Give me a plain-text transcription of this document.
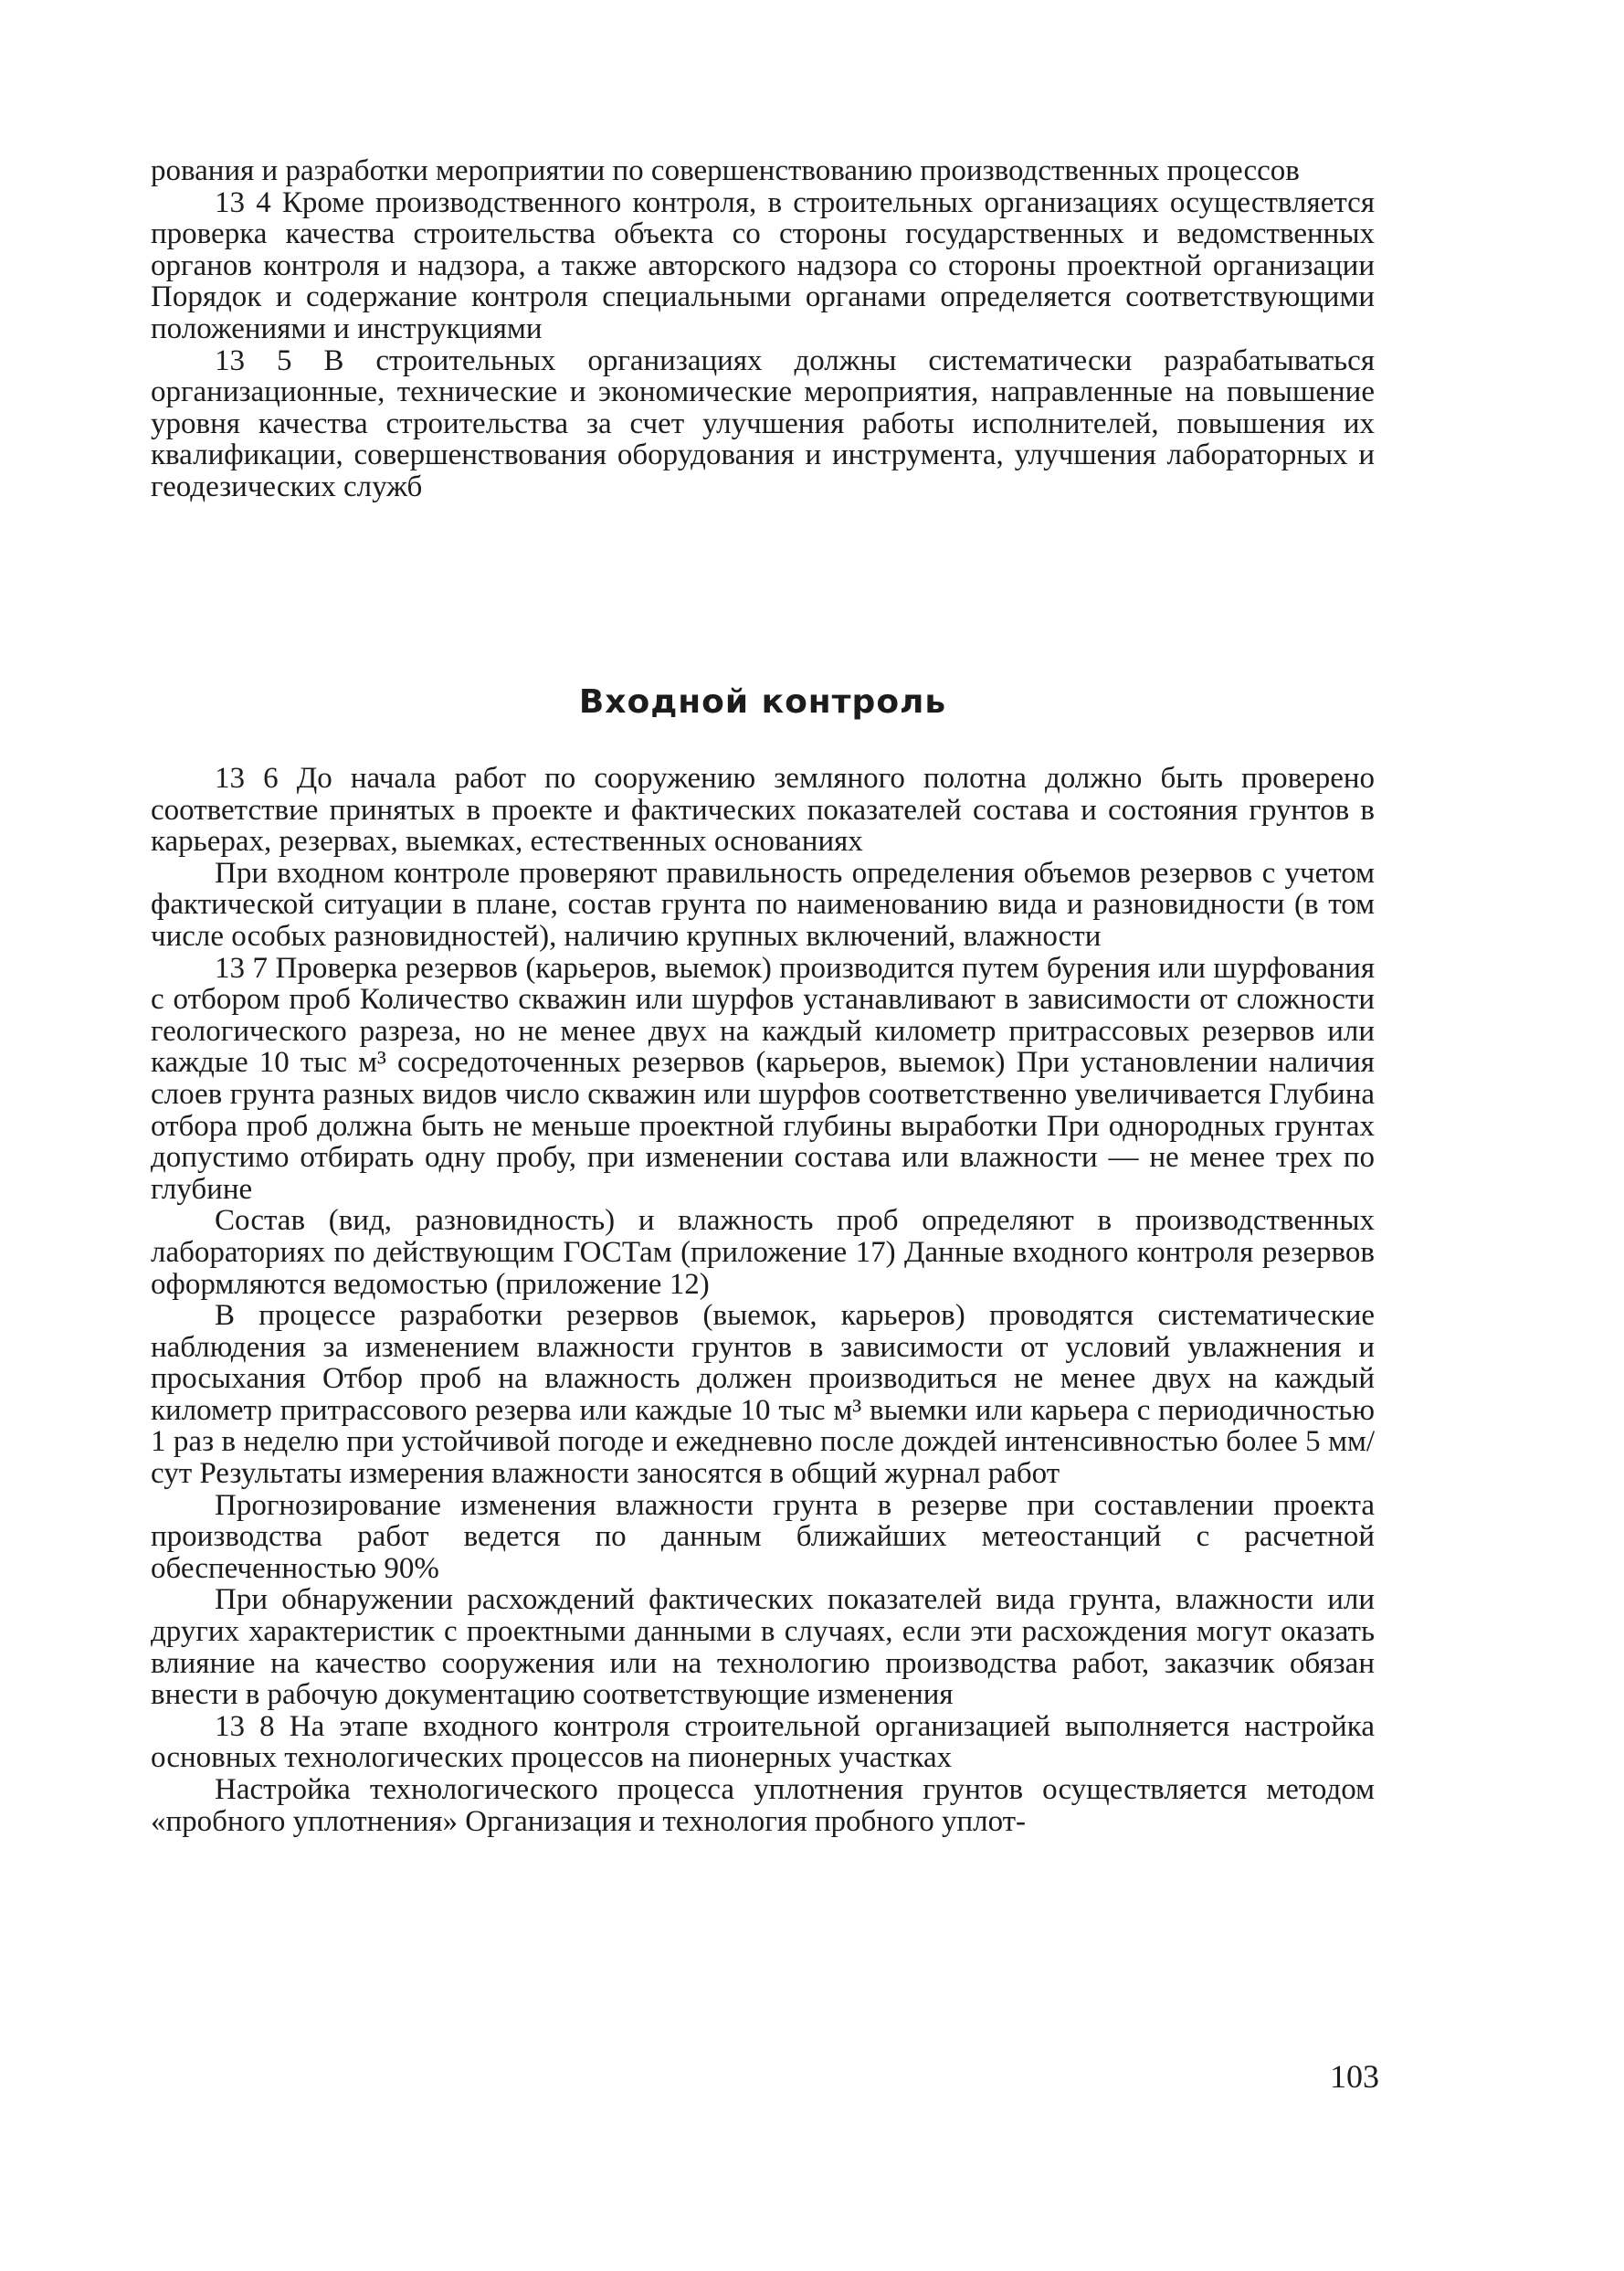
рования и разработки мероприятии по совершенствованию производственных процессов

13 4 Кроме производственного контроля, в строительных организациях осуществляется проверка качества строительства объекта со стороны государственных и ведомственных органов контроля и надзора, а также авторского надзора со стороны проектной организации Порядок и содержание контроля специальными органами определяется соответствующими положениями и инструкциями

13 5 В строительных организациях должны систематически разрабатываться организационные, технические и экономические мероприятия, направленные на повышение уровня качества строительства за счет улучшения работы исполнителей, повышения их квалификации, совершенствования оборудования и инструмента, улучшения лабораторных и геодезических служб

Входной контроль

13 6 До начала работ по сооружению земляного полотна должно быть проверено соответствие принятых в проекте и фактических показателей состава и состояния грунтов в карьерах, резервах, выемках, естественных основаниях

При входном контроле проверяют правильность определения объемов резервов с учетом фактической ситуации в плане, состав грунта по наименованию вида и разновидности (в том числе особых разновидностей), наличию крупных включений, влажности

13 7 Проверка резервов (карьеров, выемок) производится путем бурения или шурфования с отбором проб Количество скважин или шурфов устанавливают в зависимости от сложности геологического разреза, но не менее двух на каждый километр притрассовых резервов или каждые 10 тыс м³ сосредоточенных резервов (карьеров, выемок) При установлении наличия слоев грунта разных видов число скважин или шурфов соответственно увеличивается Глубина отбора проб должна быть не меньше проектной глубины выработки При однородных грунтах допустимо отбирать одну пробу, при изменении состава или влажности — не менее трех по глубине

Состав (вид, разновидность) и влажность проб определяют в производственных лабораториях по действующим ГОСТам (приложение 17) Данные входного контроля резервов оформляются ведомостью (приложение 12)

В процессе разработки резервов (выемок, карьеров) проводятся систематические наблюдения за изменением влажности грунтов в зависимости от условий увлажнения и просыхания Отбор проб на влажность должен производиться не менее двух на каждый километр притрассового резерва или каждые 10 тыс м³ выемки или карьера с периодичностью 1 раз в неделю при устойчивой погоде и ежедневно после дождей интенсивностью более 5 мм/сут Результаты измерения влажности заносятся в общий журнал работ

Прогнозирование изменения влажности грунта в резерве при составлении проекта производства работ ведется по данным ближайших метеостанций с расчетной обеспеченностью 90%

При обнаружении расхождений фактических показателей вида грунта, влажности или других характеристик с проектными данными в случаях, если эти расхождения могут оказать влияние на качество сооружения или на технологию производства работ, заказчик обязан внести в рабочую документацию соответствующие изменения

13 8 На этапе входного контроля строительной организацией выполняется настройка основных технологических процессов на пионерных участках

Настройка технологического процесса уплотнения грунтов осуществляется методом «пробного уплотнения» Организация и технология пробного уплот-

103
